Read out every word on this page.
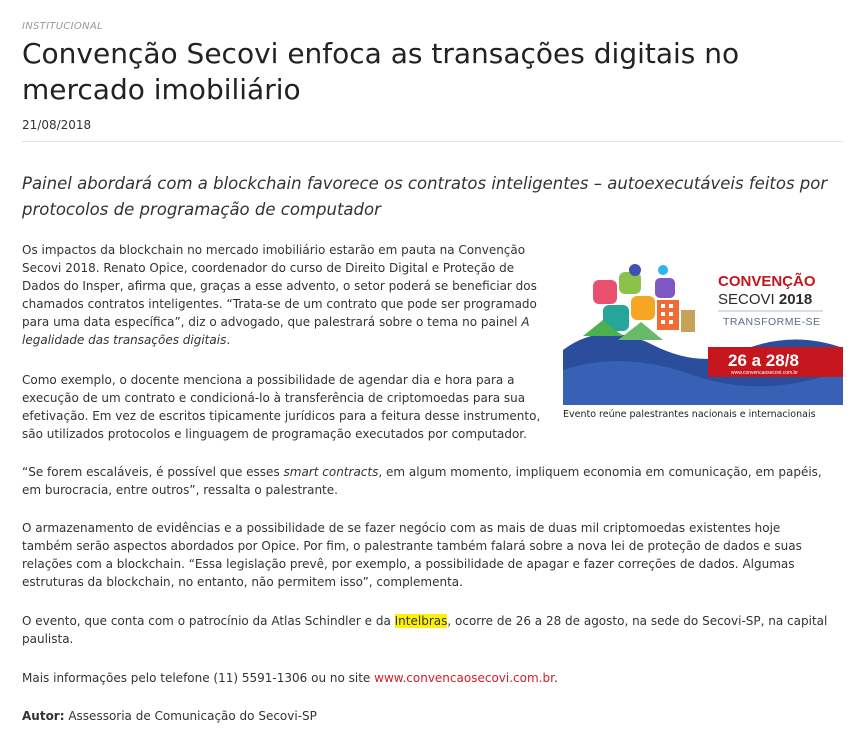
INSTITUCIONAL
Convenção Secovi enfoca as transações digitais no mercado imobiliário
21/08/2018
Painel abordará com a blockchain favorece os contratos inteligentes – autoexecutáveis feitos por protocolos de programação de computador
Os impactos da blockchain no mercado imobiliário estarão em pauta na Convenção Secovi 2018. Renato Opice, coordenador do curso de Direito Digital e Proteção de Dados do Insper, afirma que, graças a esse advento, o setor poderá se beneficiar dos chamados contratos inteligentes. “Trata-se de um contrato que pode ser programado para uma data específica”, diz o advogado, que palestrará sobre o tema no painel A legalidade das transações digitais.
Como exemplo, o docente menciona a possibilidade de agendar dia e hora para a execução de um contrato e condicioná-lo à transferência de criptomoedas para sua efetivação. Em vez de escritos tipicamente jurídicos para a feitura desse instrumento, são utilizados protocolos e linguagem de programação executados por computador.
“Se forem escaláveis, é possível que esses smart contracts, em algum momento, impliquem economia em comunicação, em papéis, em burocracia, entre outros”, ressalta o palestrante.
O armazenamento de evidências e a possibilidade de se fazer negócio com as mais de duas mil criptomoedas existentes hoje também serão aspectos abordados por Opice. Por fim, o palestrante também falará sobre a nova lei de proteção de dados e suas relações com a blockchain. “Essa legislação prevê, por exemplo, a possibilidade de apagar e fazer correções de dados. Algumas estruturas da blockchain, no entanto, não permitem isso”, complementa.
O evento, que conta com o patrocínio da Atlas Schindler e da Intelbras, ocorre de 26 a 28 de agosto, na sede do Secovi-SP, na capital paulista.
Mais informações pelo telefone (11) 5591-1306 ou no site www.convencaosecovi.com.br.
Autor: Assessoria de Comunicação do Secovi-SP
CONVENÇÃO
SECOVI 2018
TRANSFORME-SE
26 a 28/8
www.convencaosecovi.com.br
Evento reúne palestrantes nacionais e internacionais
